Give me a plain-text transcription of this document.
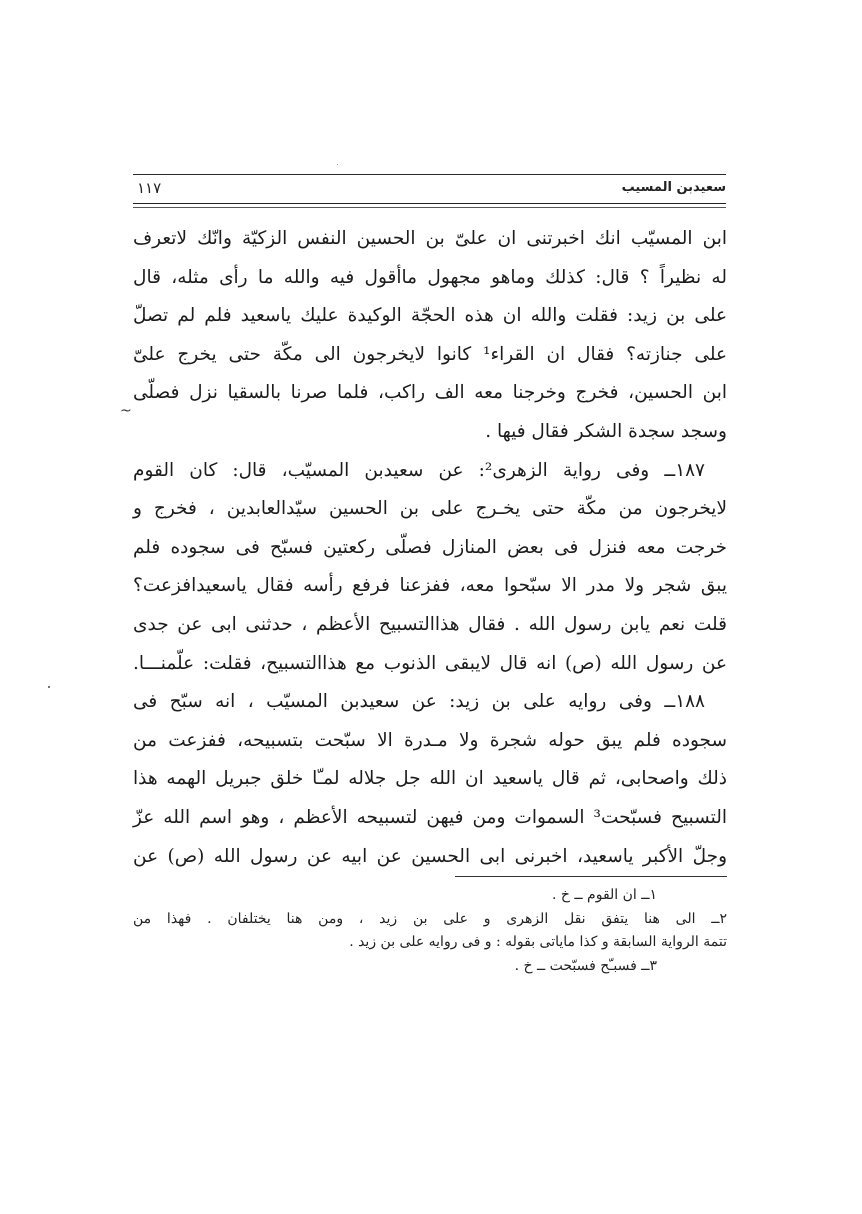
سعيدبن المسيب
١١٧
ابن المسيّب انك اخبرتنى ان علىّ بن الحسين النفس الزكيّة وانّك لاتعرف
له نظيراً ؟ قال: كذلك وماهو مجهول ماأقول فيه والله ما رأى مثله، قال
على بن زيد: فقلت والله ان هذه الحجّة الوكيدة عليك ياسعيد فلم لم تصلّ
على جنازته؟ فقال ان القراء¹ كانوا لايخرجون الى مكّة حتى يخرج علىّ
ابن الحسين، فخرج وخرجنا معه الف راكب، فلما صرنا بالسقيا نزل فصلّى
وسجد سجدة الشكر فقال فيها .
١٨٧ــ وفى رواية الزهرى²: عن سعيدبن المسيّب، قال: كان القوم
لايخرجون من مكّة حتى يخـرج على بن الحسين سيّدالعابدين ، فخرج و
خرجت معه فنزل فى بعض المنازل فصلّى ركعتين فسبّح فى سجوده فلم
يبق شجر ولا مدر الا سبّحوا معه، ففزعنا فرفع رأسه فقال ياسعيدافزعت؟
قلت نعم يابن رسول الله . فقال هذاالتسبيح الأعظم ، حدثنى ابى عن جدى
عن رسول الله (ص) انه قال لايبقى الذنوب مع هذاالتسبيح، فقلت: علّمنـــا.
١٨٨ــ وفى روايه على بن زيد: عن سعيدبن المسيّب ، انه سبّح فى
سجوده فلم يبق حوله شجرة ولا مـدرة الا سبّحت بتسبيحه، ففزعت من
ذلك واصحابى، ثم قال ياسعيد ان الله جل جلاله لمـّا خلق جبريل الهمه هذا
التسبيح فسبّحت³ السموات ومن فيهن لتسبيحه الأعظم ، وهو اسم الله عزّ
وجلّ الأكبر ياسعيد، اخبرنى ابى الحسين عن ابيه عن رسول الله (ص) عن
~
١ــ ان القوم ــ خ .
٢ــ الى هنا يتفق نقل الزهرى و على بن زيد ، ومن هنا يختلفان . فهذا من
تتمة الرواية السابقة و كذا ماياتى بقوله : و فى روايه على بن زيد .
٣ــ فسبـّح فسبّحت ــ خ .
